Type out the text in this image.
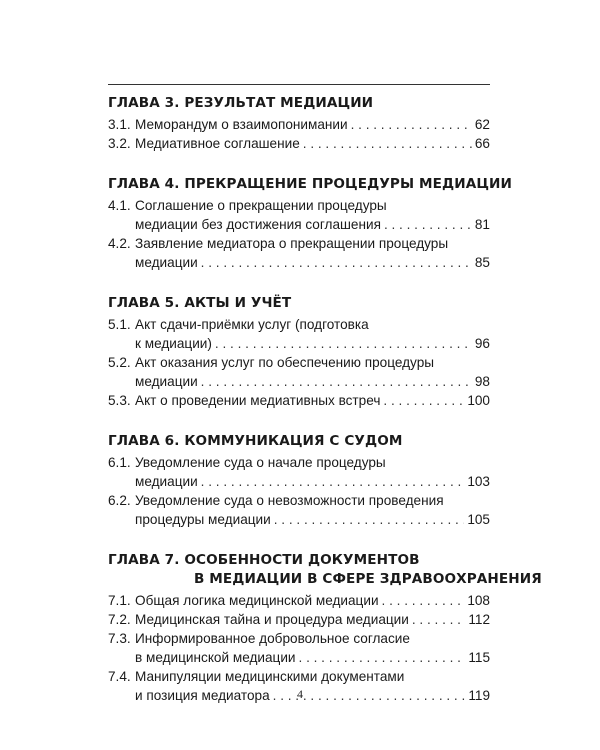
ГЛАВА 3. РЕЗУЛЬТАТ МЕДИАЦИИ
3.1. Меморандум о взаимопонимании . . .	62
3.2. Медиативное соглашение . . .	66
ГЛАВА 4. ПРЕКРАЩЕНИЕ ПРОЦЕДУРЫ МЕДИАЦИИ
4.1. Соглашение о прекращении процедуры
медиации без достижения соглашения . . .	81
4.2. Заявление медиатора о прекращении процедуры
медиации . . .	85
ГЛАВА 5. АКТЫ И УЧЁТ
5.1. Акт сдачи-приёмки услуг (подготовка
к медиации) . . .	96
5.2. Акт оказания услуг по обеспечению процедуры
медиации . . .	98
5.3. Акт о проведении медиативных встреч . . .	100
ГЛАВА 6. КОММУНИКАЦИЯ С СУДОМ
6.1. Уведомление суда о начале процедуры
медиации . . .	103
6.2. Уведомление суда о невозможности проведения
процедуры медиации . . .	105
ГЛАВА 7. ОСОБЕННОСТИ ДОКУМЕНТОВ
В МЕДИАЦИИ В СФЕРЕ ЗДРАВООХРАНЕНИЯ
7.1. Общая логика медицинской медиации . . .	108
7.2. Медицинская тайна и процедура медиации . . .	112
7.3. Информированное добровольное согласие
в медицинской медиации . . .	115
7.4. Манипуляции медицинскими документами
и позиция медиатора . . .	119
4
